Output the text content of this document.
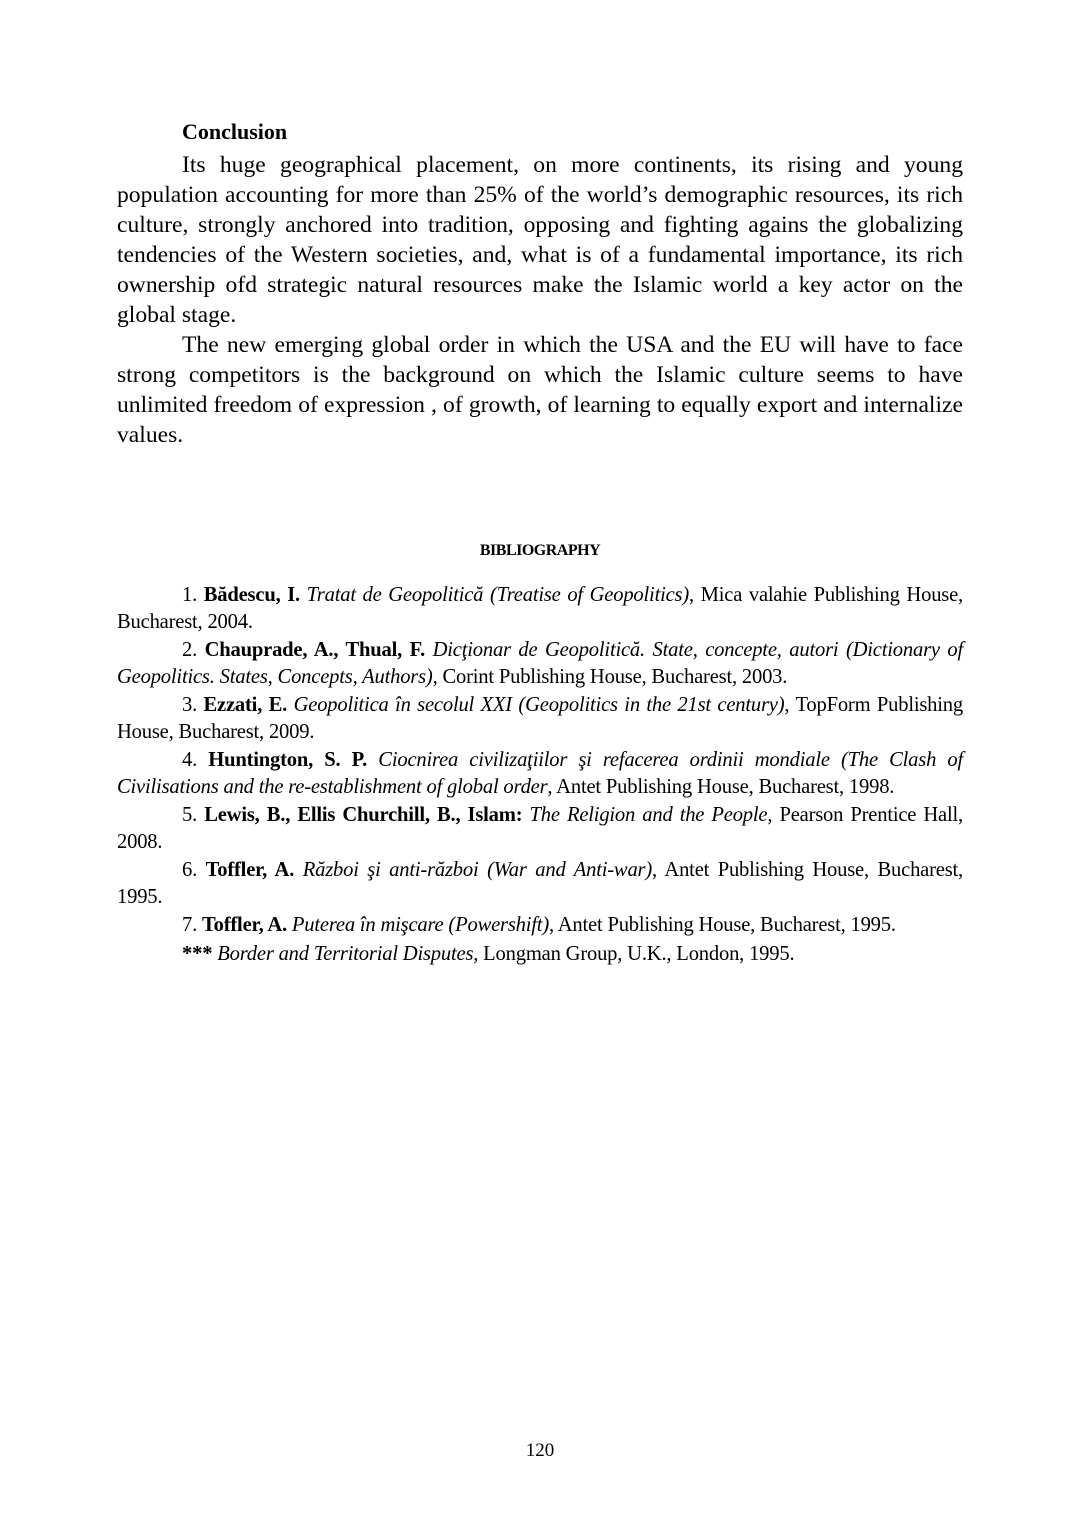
Conclusion

Its huge geographical placement, on more continents, its rising and young population accounting for more than 25% of the world’s demographic resources, its rich culture, strongly anchored into tradition, opposing and fighting agains the globalizing tendencies of the Western societies, and, what is of a fundamental importance, its rich ownership ofd strategic natural resources make the Islamic world a key actor on the global stage.

The new emerging global order in which the USA and the EU will have to face strong competitors is the background on which the Islamic culture seems to have unlimited freedom of expression , of growth, of learning to equally export and internalize values.

BIBLIOGRAPHY

1. Bădescu, I. Tratat de Geopolitică (Treatise of Geopolitics), Mica valahie Publishing House, Bucharest, 2004.

2. Chauprade, A., Thual, F. Dicţionar de Geopolitică. State, concepte, autori (Dictionary of Geopolitics. States, Concepts, Authors), Corint Publishing House, Bucharest, 2003.

3. Ezzati, E. Geopolitica în secolul XXI (Geopolitics in the 21st century), TopForm Publishing House, Bucharest, 2009.

4. Huntington, S. P. Ciocnirea civilizaţiilor şi refacerea ordinii mondiale (The Clash of Civilisations and the re-establishment of global order, Antet Publishing House, Bucharest, 1998.

5. Lewis, B., Ellis Churchill, B., Islam: The Religion and the People, Pearson Prentice Hall, 2008.

6. Toffler, A. Război şi anti-război (War and Anti-war), Antet Publishing House, Bucharest, 1995.

7. Toffler, A. Puterea în mişcare (Powershift), Antet Publishing House, Bucharest, 1995.

*** Border and Territorial Disputes, Longman Group, U.K., London, 1995.

120
